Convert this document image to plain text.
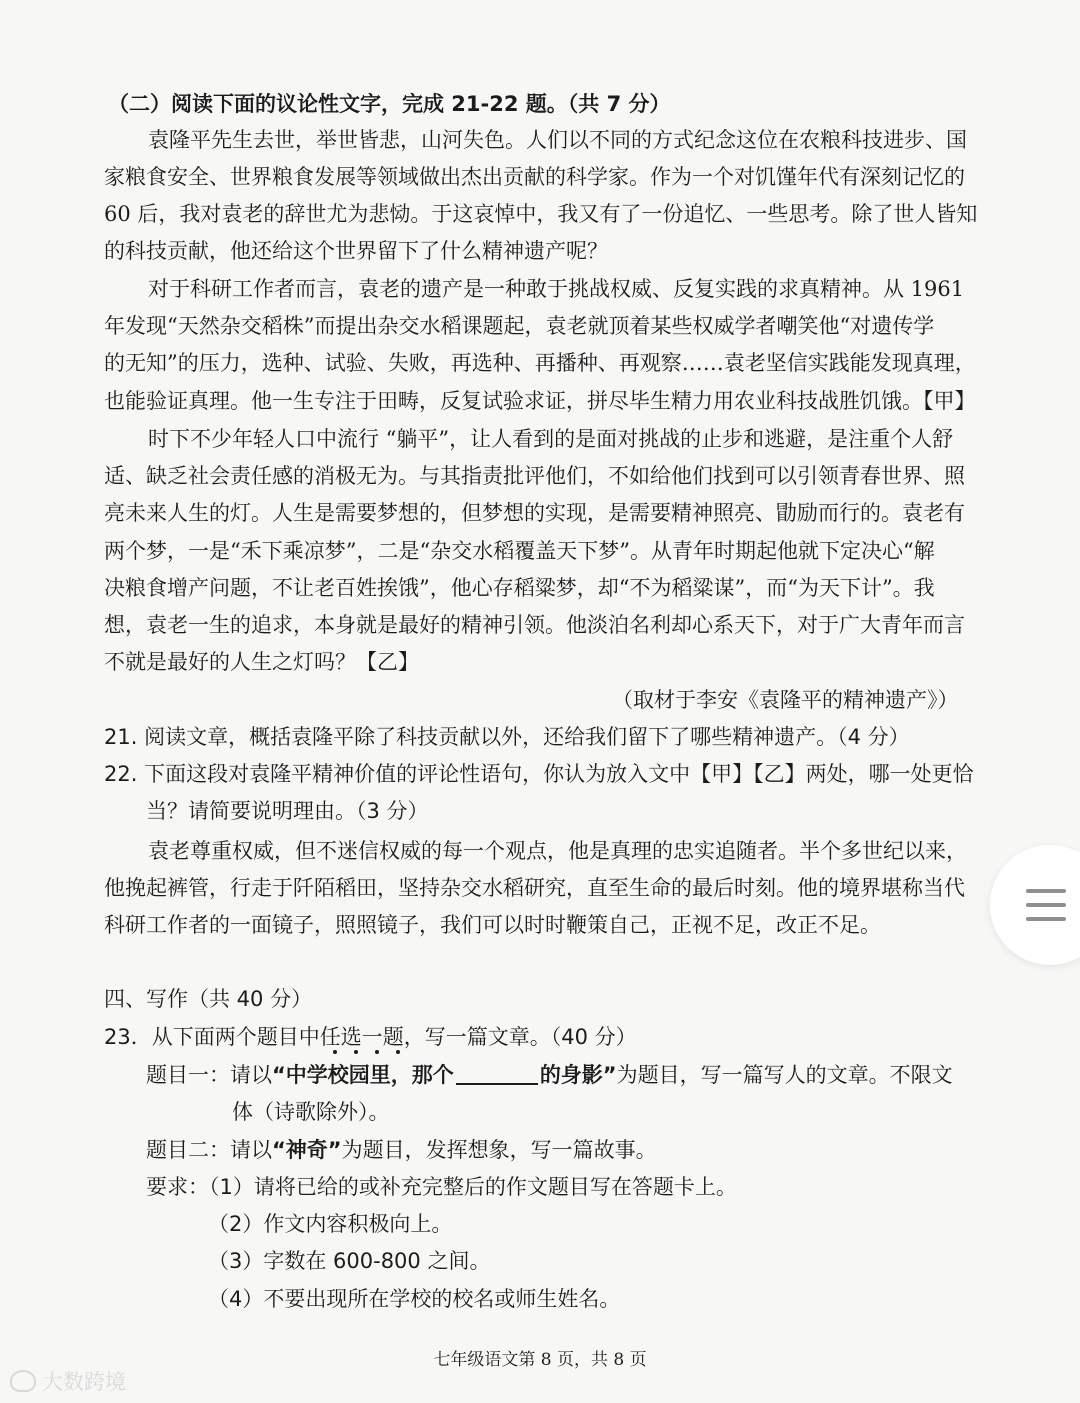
（二）阅读下面的议论性文字，完成 21-22 题。（共 7 分）
袁隆平先生去世，举世皆悲，山河失色。人们以不同的方式纪念这位在农粮科技进步、国
家粮食安全、世界粮食发展等领域做出杰出贡献的科学家。作为一个对饥馑年代有深刻记忆的
60 后，我对袁老的辞世尤为悲恸。于这哀悼中，我又有了一份追忆、一些思考。除了世人皆知
的科技贡献，他还给这个世界留下了什么精神遗产呢？
对于科研工作者而言，袁老的遗产是一种敢于挑战权威、反复实践的求真精神。从 1961
年发现“天然杂交稻株”而提出杂交水稻课题起，袁老就顶着某些权威学者嘲笑他“对遗传学
的无知”的压力，选种、试验、失败，再选种、再播种、再观察……袁老坚信实践能发现真理，
也能验证真理。他一生专注于田畴，反复试验求证，拼尽毕生精力用农业科技战胜饥饿。【甲】
时下不少年轻人口中流行 “躺平”，让人看到的是面对挑战的止步和逃避，是注重个人舒
适、缺乏社会责任感的消极无为。与其指责批评他们，不如给他们找到可以引领青春世界、照
亮未来人生的灯。人生是需要梦想的，但梦想的实现，是需要精神照亮、勖励而行的。袁老有
两个梦，一是“禾下乘凉梦”，二是“杂交水稻覆盖天下梦”。从青年时期起他就下定决心“解
决粮食增产问题，不让老百姓挨饿”，他心存稻粱梦，却“不为稻粱谋”，而“为天下计”。我
想，袁老一生的追求，本身就是最好的精神引领。他淡泊名利却心系天下，对于广大青年而言
不就是最好的人生之灯吗？【乙】
（取材于李安《袁隆平的精神遗产》）
21. 阅读文章，概括袁隆平除了科技贡献以外，还给我们留下了哪些精神遗产。（4 分）
22. 下面这段对袁隆平精神价值的评论性语句，你认为放入文中【甲】【乙】两处，哪一处更恰
当？请简要说明理由。（3 分）
袁老尊重权威，但不迷信权威的每一个观点，他是真理的忠实追随者。半个多世纪以来，
他挽起裤管，行走于阡陌稻田，坚持杂交水稻研究，直至生命的最后时刻。他的境界堪称当代
科研工作者的一面镜子，照照镜子，我们可以时时鞭策自己，正视不足，改正不足。
四、写作（共 40 分）
23．从下面两个题目中任选一题，写一篇文章。（40 分）
题目一：请以“中学校园里，那个	的身影”为题目，写一篇写人的文章。不限文
体（诗歌除外）。
题目二：请以“神奇”为题目，发挥想象，写一篇故事。
要求：（1）请将已给的或补充完整后的作文题目写在答题卡上。
（2）作文内容积极向上。
（3）字数在 600-800 之间。
（4）不要出现所在学校的校名或师生姓名。
七年级语文第 8 页，共 8 页
大数跨境
